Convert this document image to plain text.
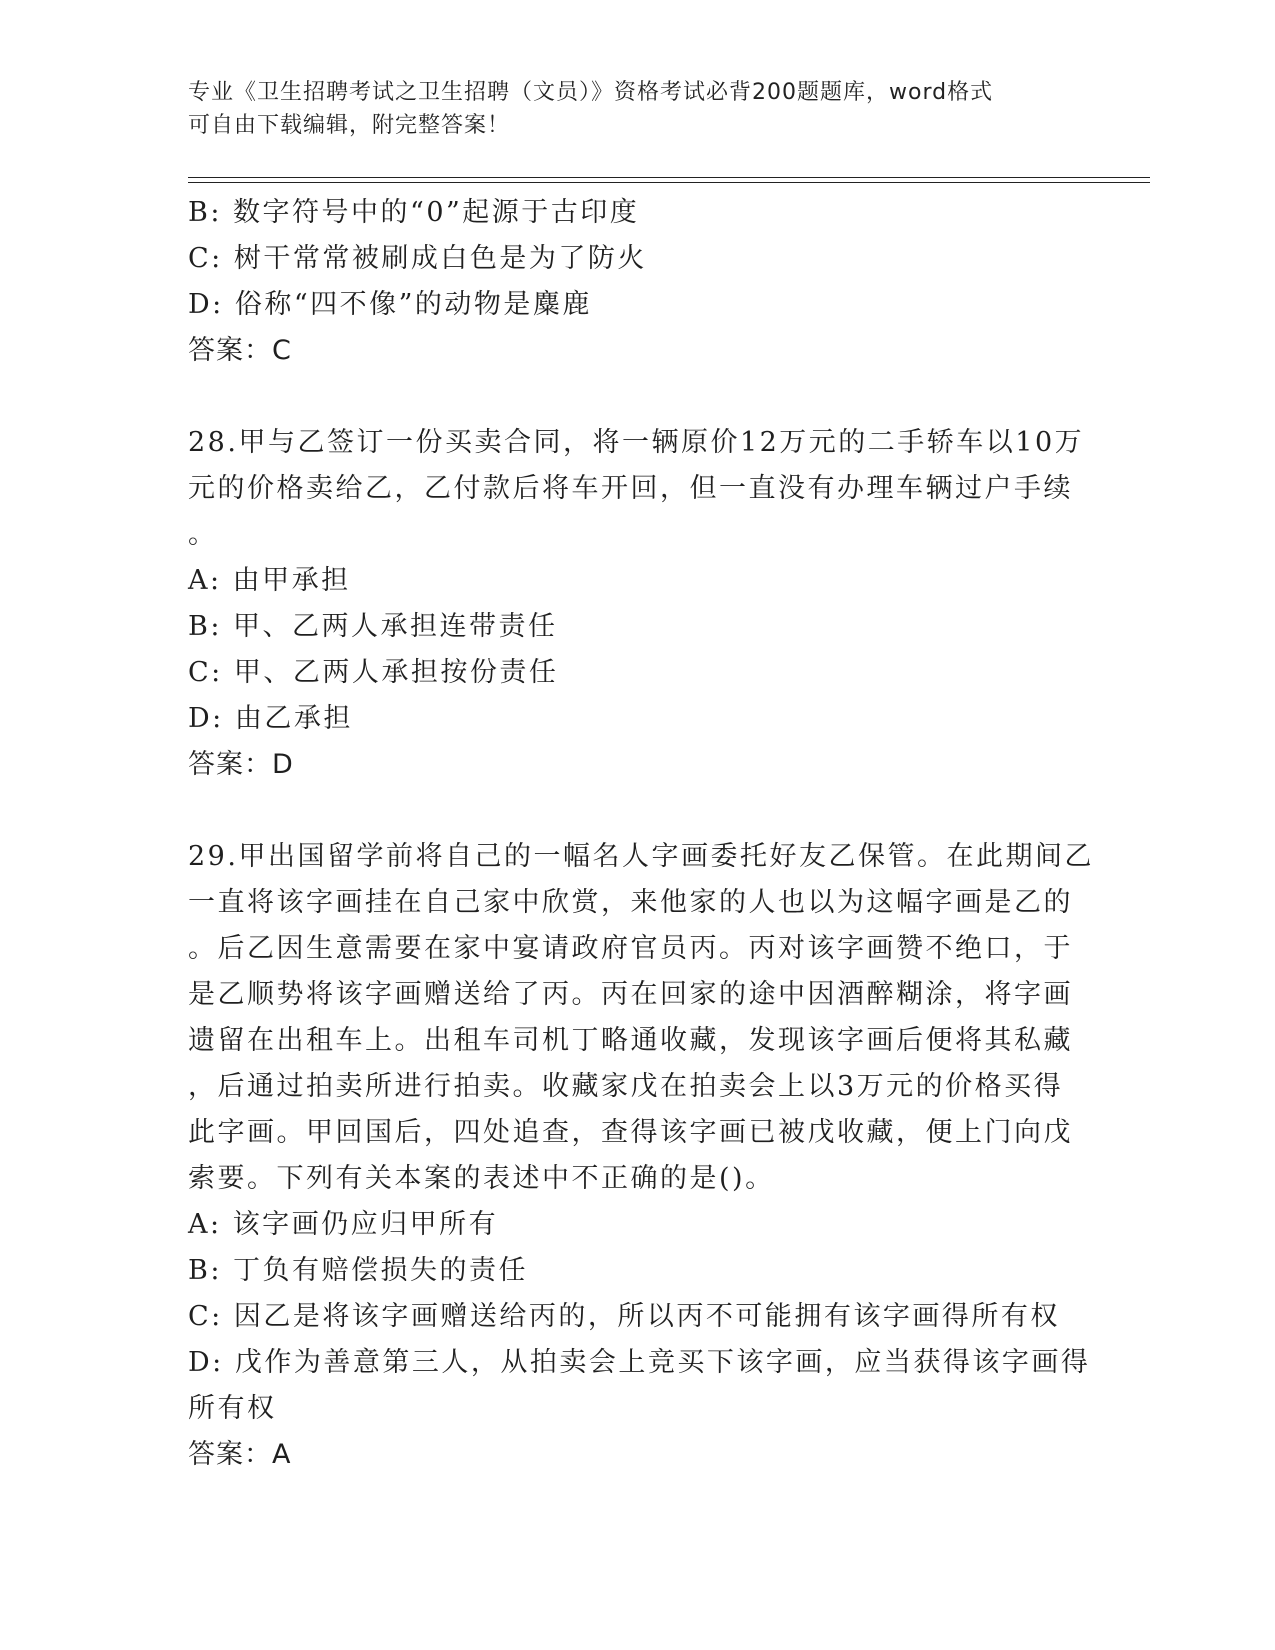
专业《卫生招聘考试之卫生招聘（文员）》资格考试必背200题题库，word格式
可自由下载编辑，附完整答案！
B: 数字符号中的“0”起源于古印度
C: 树干常常被刷成白色是为了防火
D: 俗称“四不像”的动物是麋鹿
答案：C
28.甲与乙签订一份买卖合同，将一辆原价12万元的二手轿车以10万
元的价格卖给乙，乙付款后将车开回，但一直没有办理车辆过户手续
。
A: 由甲承担
B: 甲、乙两人承担连带责任
C: 甲、乙两人承担按份责任
D: 由乙承担
答案：D
29.甲出国留学前将自己的一幅名人字画委托好友乙保管。在此期间乙
一直将该字画挂在自己家中欣赏，来他家的人也以为这幅字画是乙的
。后乙因生意需要在家中宴请政府官员丙。丙对该字画赞不绝口，于
是乙顺势将该字画赠送给了丙。丙在回家的途中因酒醉糊涂，将字画
遗留在出租车上。出租车司机丁略通收藏，发现该字画后便将其私藏
，后通过拍卖所进行拍卖。收藏家戊在拍卖会上以3万元的价格买得
此字画。甲回国后，四处追查，查得该字画已被戊收藏，便上门向戊
索要。下列有关本案的表述中不正确的是()。
A: 该字画仍应归甲所有
B: 丁负有赔偿损失的责任
C: 因乙是将该字画赠送给丙的，所以丙不可能拥有该字画得所有权
D: 戊作为善意第三人，从拍卖会上竞买下该字画，应当获得该字画得
所有权
答案：A
